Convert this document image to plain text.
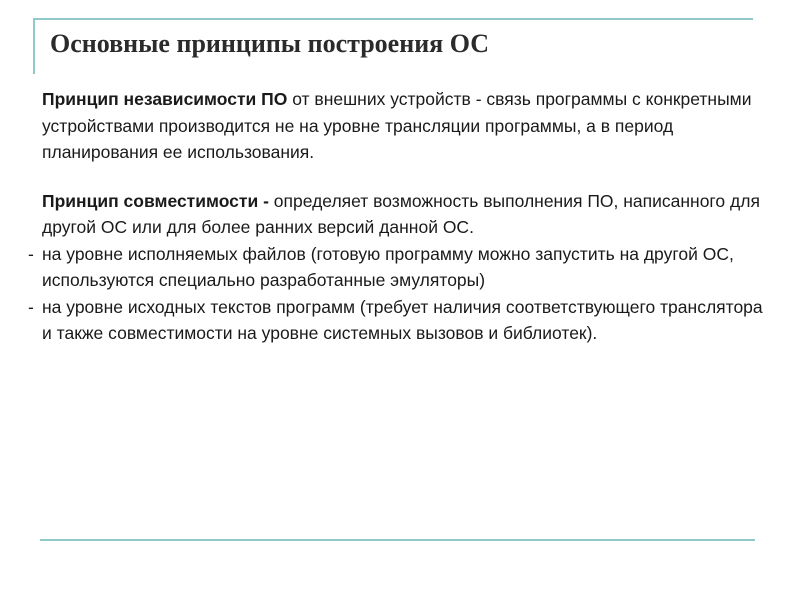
Основные принципы построения ОС

Принцип независимости ПО от внешних устройств - связь программы с конкретными устройствами производится не на уровне трансляции программы, а в период планирования ее использования.

Принцип совместимости - определяет возможность выполнения ПО, написанного для другой ОС или для более ранних версий данной ОС.

- на уровне исполняемых файлов (готовую программу можно запустить на другой ОС, используются специально разработанные эмуляторы)

- на уровне исходных текстов программ (требует наличия соответствующего транслятора и также совместимости на уровне системных вызовов и библиотек).
